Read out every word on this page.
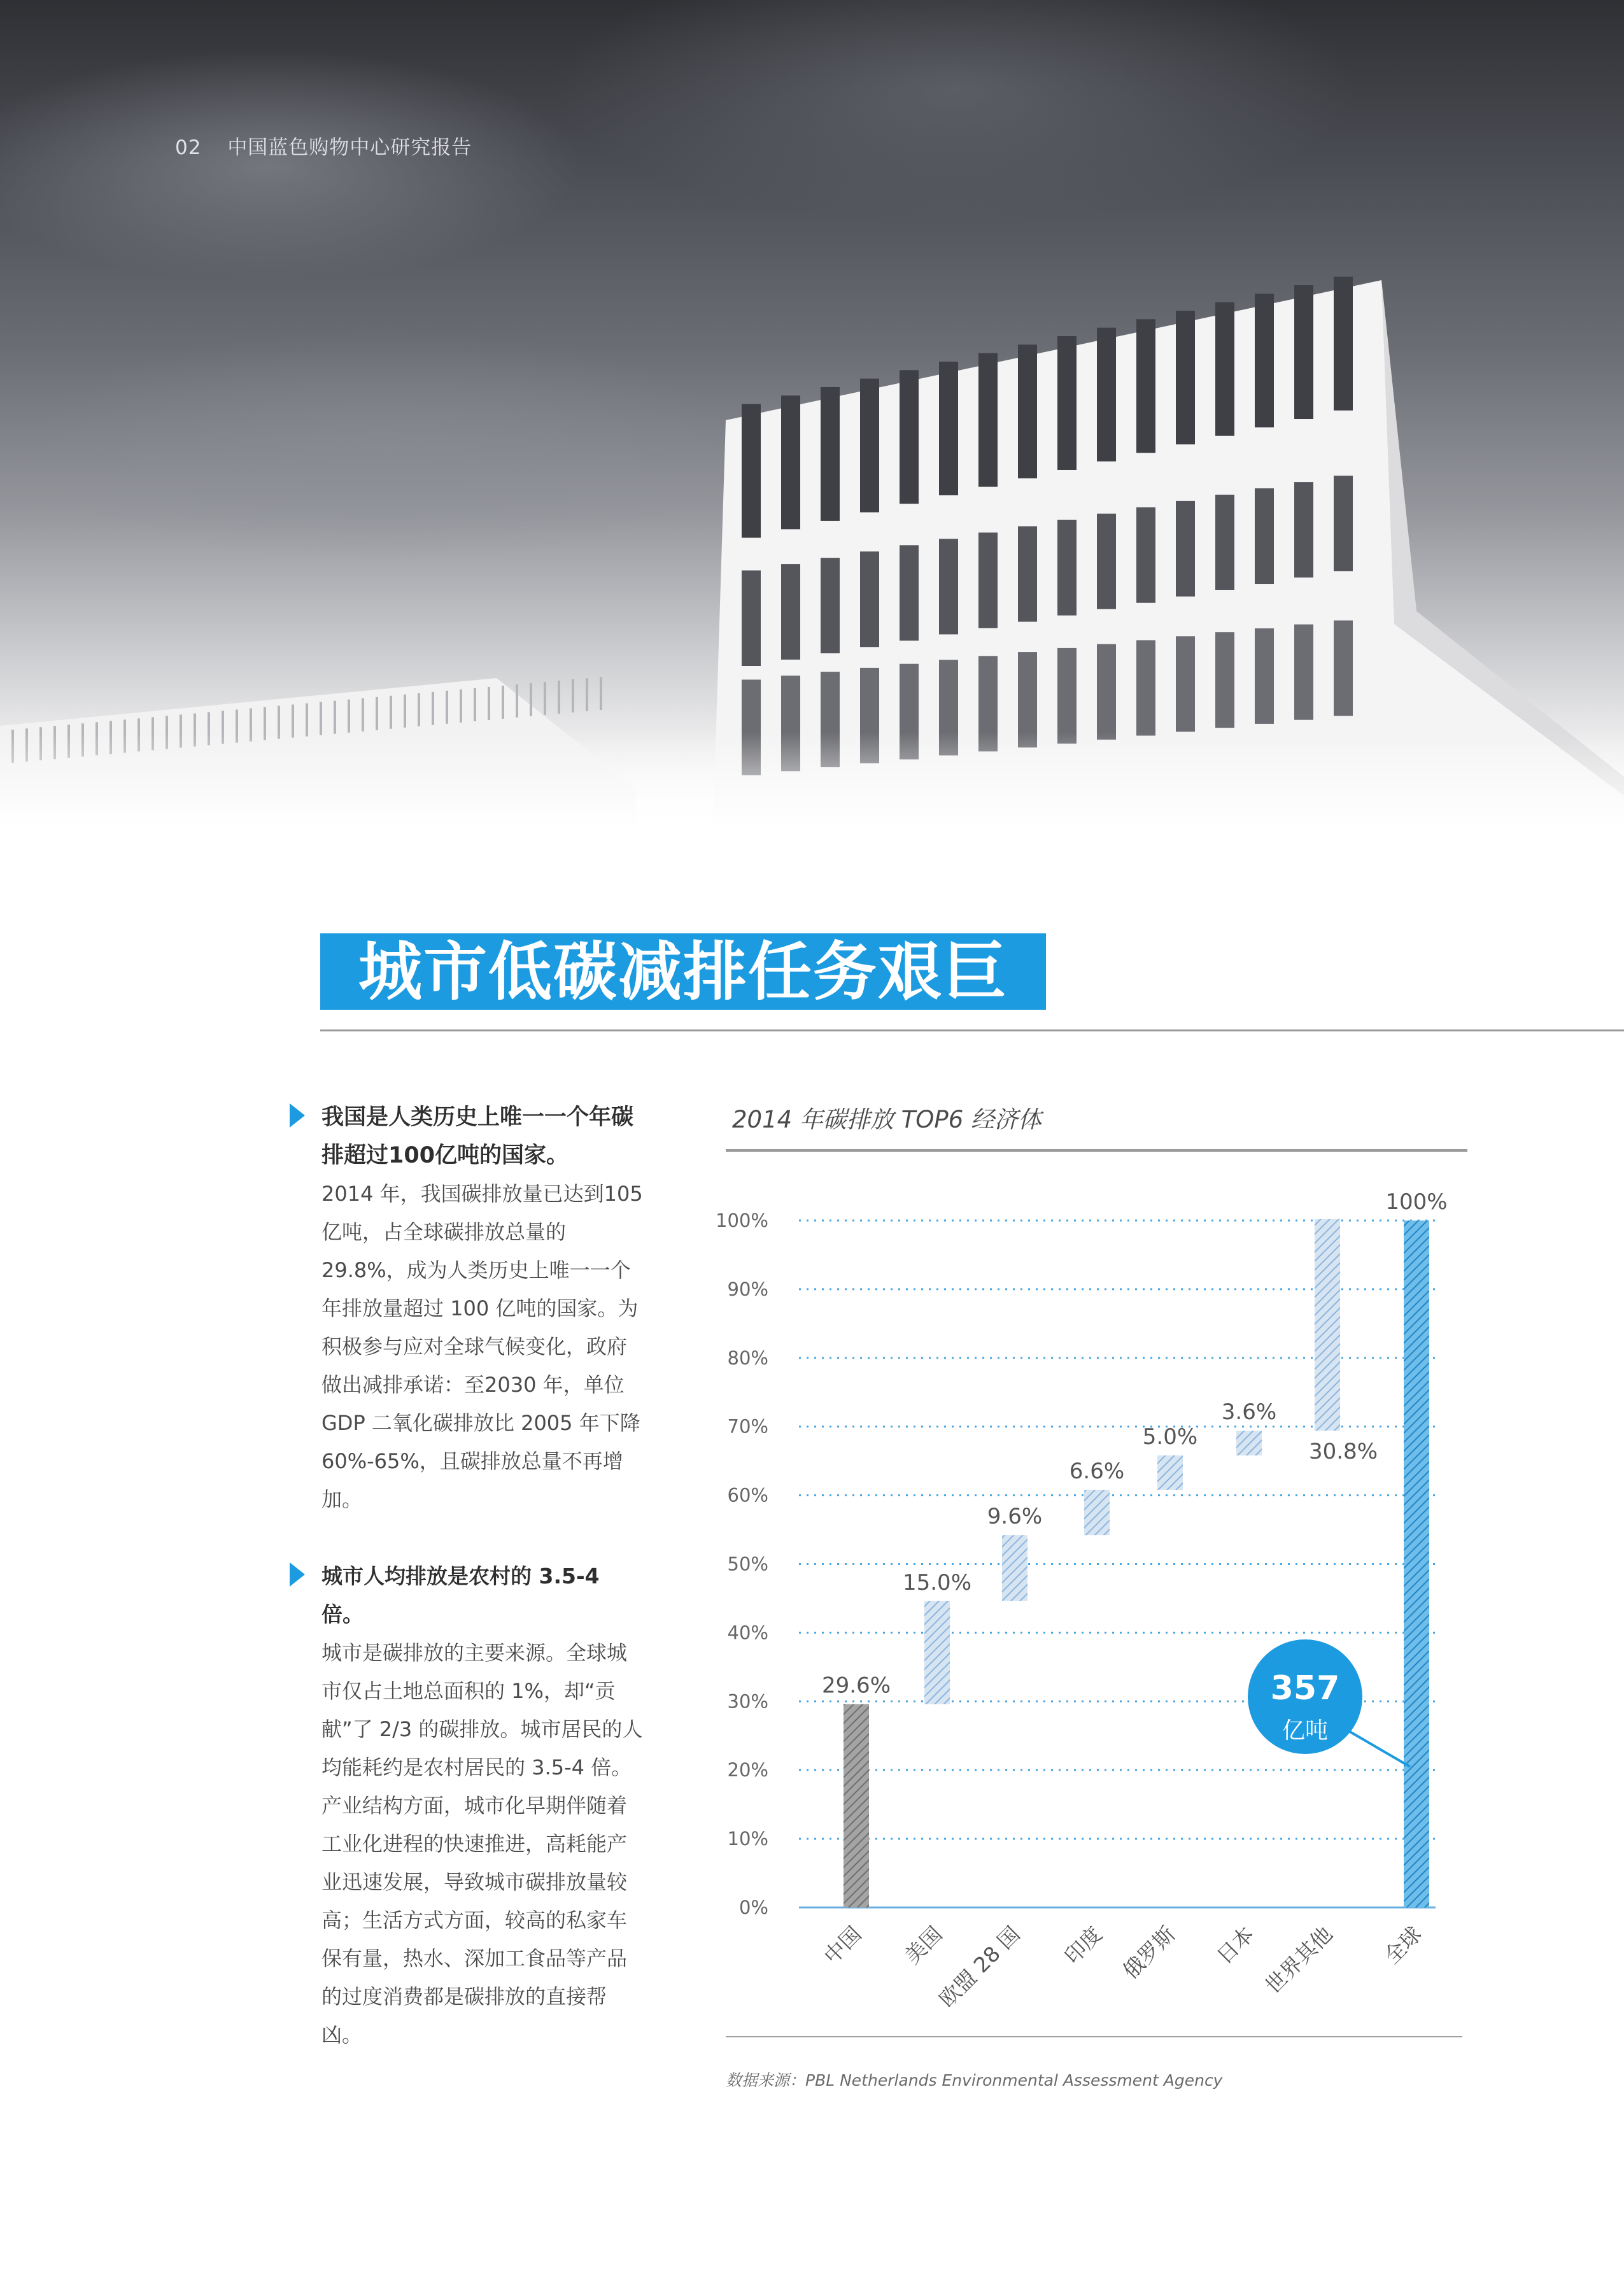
02 中国蓝色购物中心研究报告
城市低碳减排任务艰巨

我国是人类历史上唯一一个年碳排超过100亿吨的国家。
2014 年，我国碳排放量已达到105 亿吨，占全球碳排放总量的29.8%，成为人类历史上唯一一个年排放量超过 100 亿吨的国家。为积极参与应对全球气候变化，政府做出减排承诺：至2030 年，单位 GDP 二氧化碳排放比 2005 年下降 60%-65%，且碳排放总量不再增加。

城市人均排放是农村的 3.5-4 倍。
城市是碳排放的主要来源。全球城市仅占土地总面积的 1%，却“贡献”了 2/3 的碳排放。城市居民的人均能耗约是农村居民的 3.5-4 倍。产业结构方面，城市化早期伴随着工业化进程的快速推进，高耗能产业迅速发展，导致城市碳排放量较高；生活方式方面，较高的私家车保有量，热水、深加工食品等产品的过度消费都是碳排放的直接帮凶。

2014 年碳排放 TOP6 经济体
0%
10%
20%
30%
40%
50%
60%
70%
80%
90%
100%
29.6%
15.0%
9.6%
6.6%
5.0%
3.6%
30.8%
100%
中国 美国
欧盟 28 国 印度 俄罗斯 日本 世界其他 全球
357
亿吨
数据来源：PBL Netherlands Environmental Assessment Agency
